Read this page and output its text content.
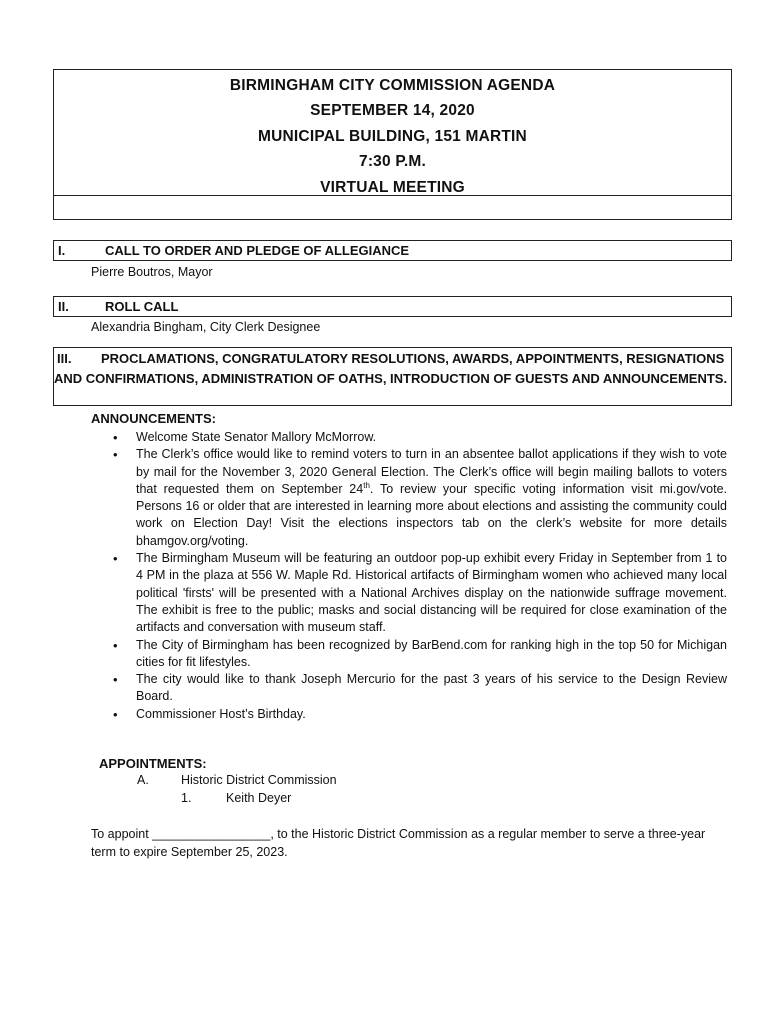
BIRMINGHAM CITY COMMISSION AGENDA
SEPTEMBER 14, 2020
MUNICIPAL BUILDING, 151 MARTIN
7:30 P.M.
VIRTUAL MEETING
I.	CALL TO ORDER AND PLEDGE OF ALLEGIANCE
Pierre Boutros, Mayor
II.	ROLL CALL
Alexandria Bingham, City Clerk Designee
III. PROCLAMATIONS, CONGRATULATORY RESOLUTIONS, AWARDS, APPOINTMENTS, RESIGNATIONS AND CONFIRMATIONS, ADMINISTRATION OF OATHS, INTRODUCTION OF GUESTS AND ANNOUNCEMENTS.
ANNOUNCEMENTS:
• Welcome State Senator Mallory McMorrow.
• The Clerk’s office would like to remind voters to turn in an absentee ballot applications if they wish to vote by mail for the November 3, 2020 General Election. The Clerk’s office will begin mailing ballots to voters that requested them on September 24th. To review your specific voting information visit mi.gov/vote. Persons 16 or older that are interested in learning more about elections and assisting the community could work on Election Day! Visit the elections inspectors tab on the clerk’s website for more details bhamgov.org/voting.
• The Birmingham Museum will be featuring an outdoor pop-up exhibit every Friday in September from 1 to 4 PM in the plaza at 556 W. Maple Rd. Historical artifacts of Birmingham women who achieved many local political 'firsts' will be presented with a National Archives display on the nationwide suffrage movement. The exhibit is free to the public; masks and social distancing will be required for close examination of the artifacts and conversation with museum staff.
• The City of Birmingham has been recognized by BarBend.com for ranking high in the top 50 for Michigan cities for fit lifestyles.
• The city would like to thank Joseph Mercurio for the past 3 years of his service to the Design Review Board.
• Commissioner Host’s Birthday.
APPOINTMENTS:
A.	Historic District Commission
1.	Keith Deyer
To appoint _________________, to the Historic District Commission as a regular member to serve a three-year term to expire September 25, 2023.
